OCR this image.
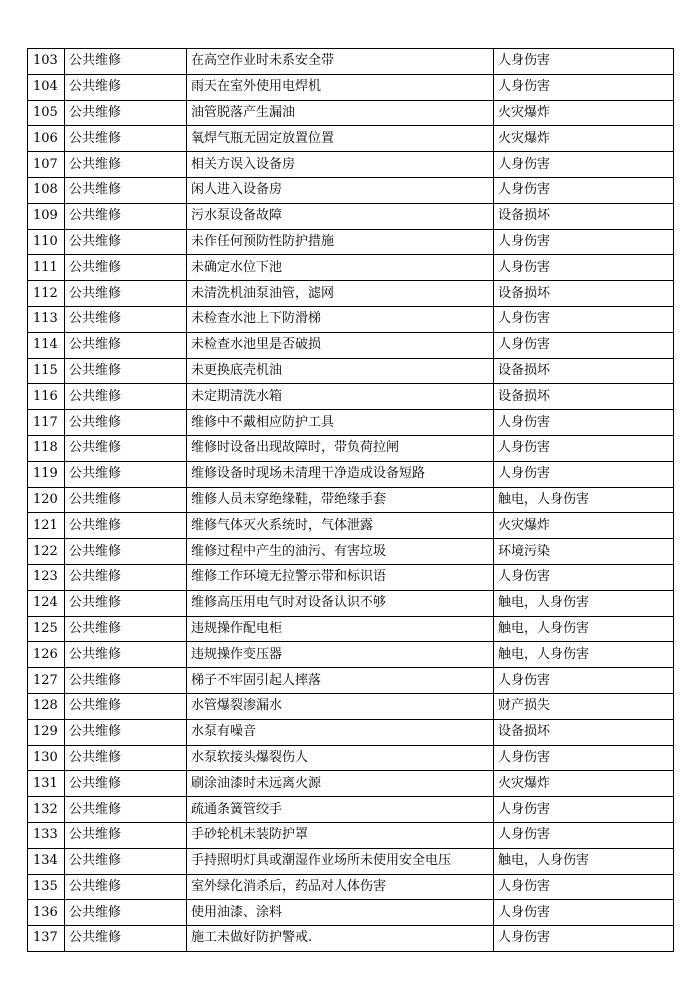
103	公共维修	在高空作业时未系安全带	人身伤害
104	公共维修	雨天在室外使用电焊机	人身伤害
105	公共维修	油管脱落产生漏油	火灾爆炸
106	公共维修	氧焊气瓶无固定放置位置	火灾爆炸
107	公共维修	相关方误入设备房	人身伤害
108	公共维修	闲人进入设备房	人身伤害
109	公共维修	污水泵设备故障	设备损坏
110	公共维修	未作任何预防性防护措施	人身伤害
111	公共维修	未确定水位下池	人身伤害
112	公共维修	未清洗机油泵油管，滤网	设备损坏
113	公共维修	未检查水池上下防滑梯	人身伤害
114	公共维修	未检查水池里是否破损	人身伤害
115	公共维修	未更换底壳机油	设备损坏
116	公共维修	未定期清洗水箱	设备损坏
117	公共维修	维修中不戴相应防护工具	人身伤害
118	公共维修	维修时设备出现故障时，带负荷拉闸	人身伤害
119	公共维修	维修设备时现场未清理干净造成设备短路	人身伤害
120	公共维修	维修人员未穿绝缘鞋，带绝缘手套	触电，人身伤害
121	公共维修	维修气体灭火系统时，气体泄露	火灾爆炸
122	公共维修	维修过程中产生的油污、有害垃圾	环境污染
123	公共维修	维修工作环境无拉警示带和标识语	人身伤害
124	公共维修	维修高压用电气时对设备认识不够	触电，人身伤害
125	公共维修	违规操作配电柜	触电，人身伤害
126	公共维修	违规操作变压器	触电，人身伤害
127	公共维修	梯子不牢固引起人摔落	人身伤害
128	公共维修	水管爆裂渗漏水	财产损失
129	公共维修	水泵有噪音	设备损坏
130	公共维修	水泵软接头爆裂伤人	人身伤害
131	公共维修	刷涂油漆时未远离火源	火灾爆炸
132	公共维修	疏通条簧管绞手	人身伤害
133	公共维修	手砂轮机未装防护罩	人身伤害
134	公共维修	手持照明灯具或潮湿作业场所未使用安全电压	触电，人身伤害
135	公共维修	室外绿化消杀后，药品对人体伤害	人身伤害
136	公共维修	使用油漆、涂料	人身伤害
137	公共维修	施工未做好防护警戒.	人身伤害
